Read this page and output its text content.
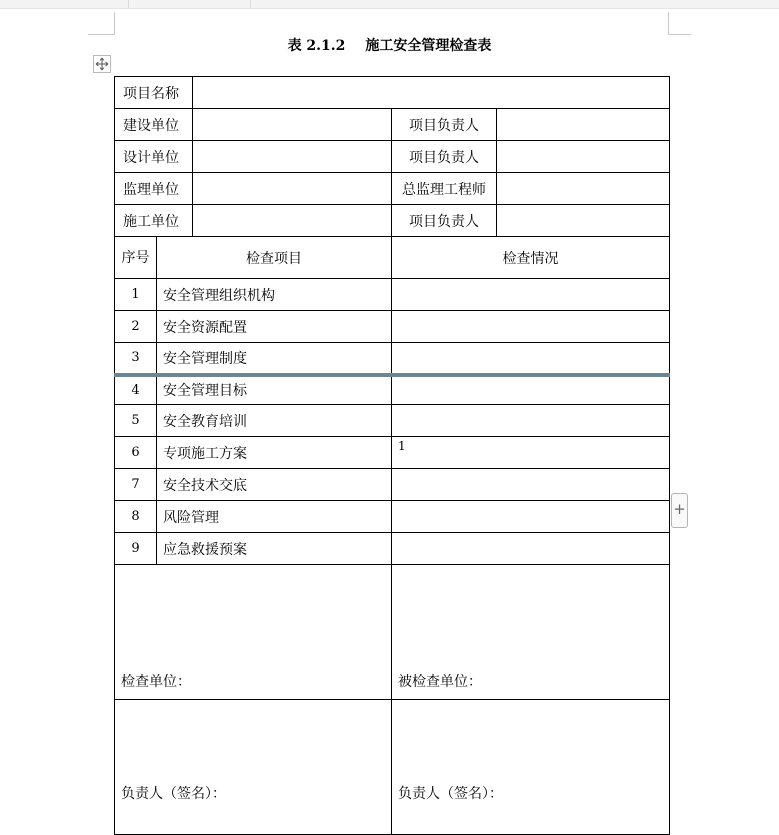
表 2.1.2 施工安全管理检查表
+
项目名称				
建设单位			项目负责人	
设计单位			项目负责人	
监理单位			总监理工程师	
施工单位			项目负责人	
序号	检查项目		检查情况	
1	安全管理组织机构			
2	安全资源配置			
3	安全管理制度			
4	安全管理目标			
5	安全教育培训			
6	专项施工方案		1	
7	安全技术交底			
8	风险管理			
9	应急救援预案			
检查单位：			被检查单位：	
负责人（签名）：			负责人（签名）：	
